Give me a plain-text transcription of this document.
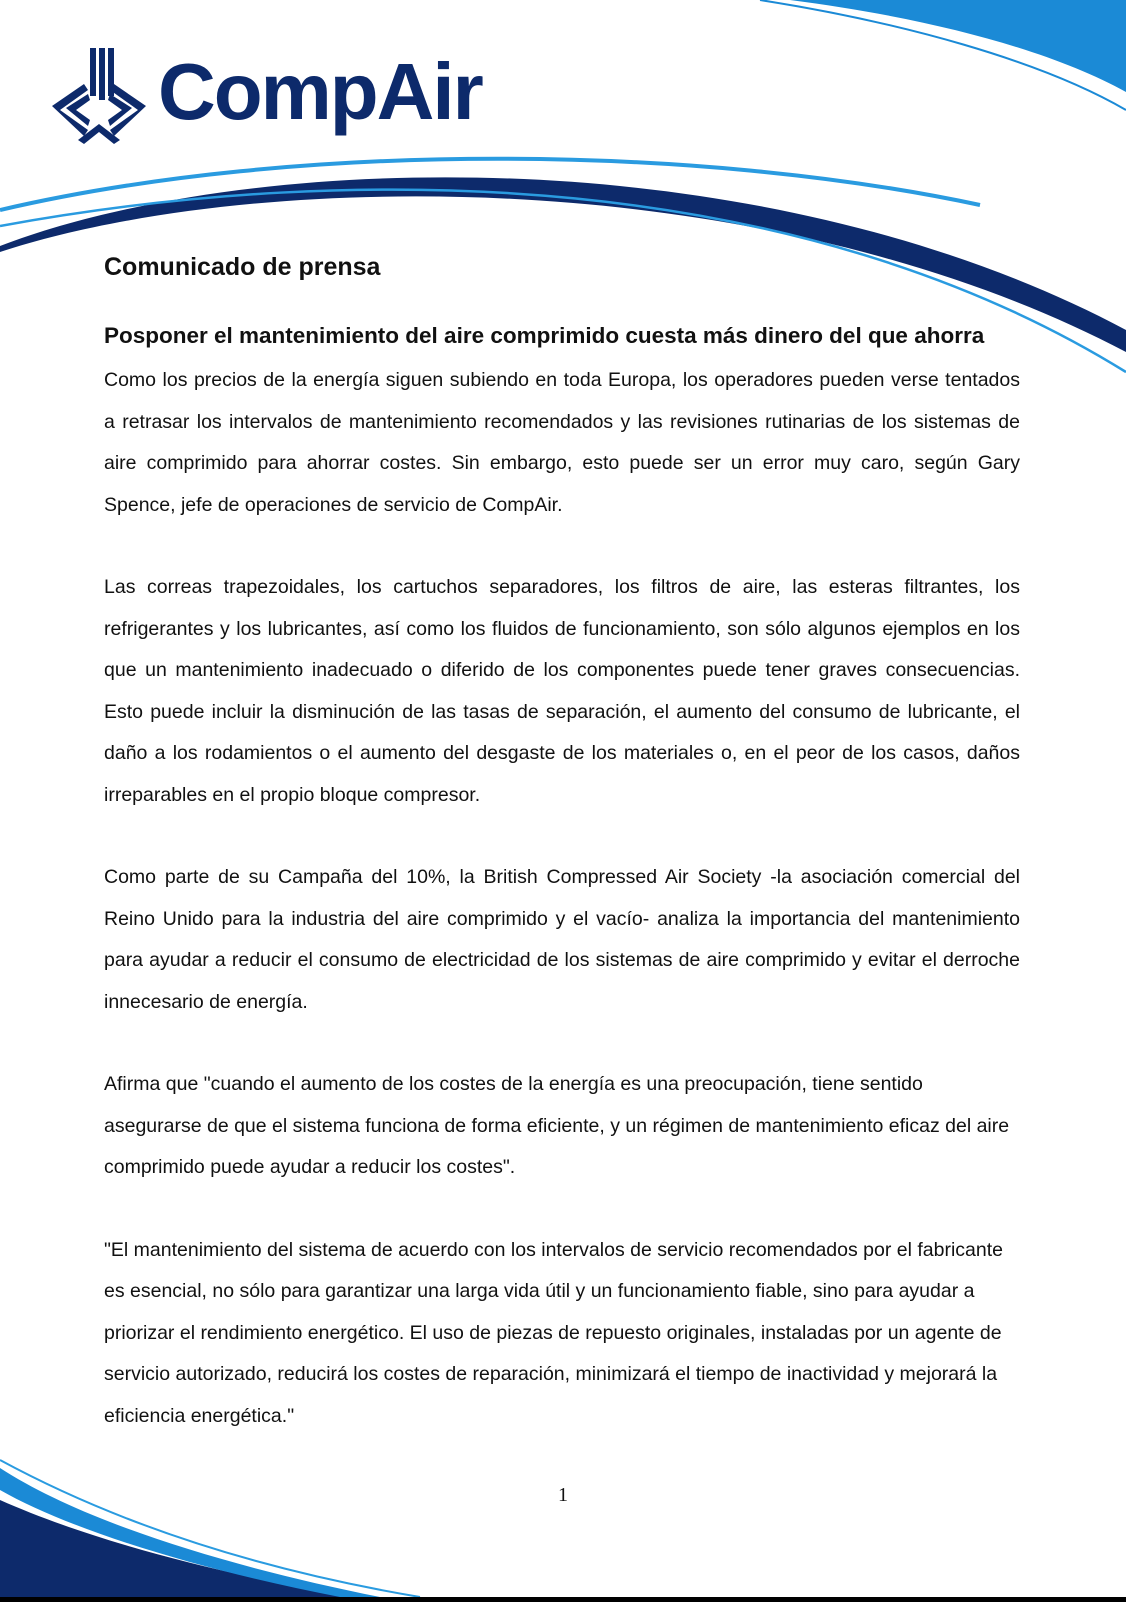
CompAir
Comunicado de prensa
Posponer el mantenimiento del aire comprimido cuesta más dinero del que ahorra

Como los precios de la energía siguen subiendo en toda Europa, los operadores pueden verse tentados a retrasar los intervalos de mantenimiento recomendados y las revisiones rutinarias de los sistemas de aire comprimido para ahorrar costes. Sin embargo, esto puede ser un error muy caro, según Gary Spence, jefe de operaciones de servicio de CompAir.

Las correas trapezoidales, los cartuchos separadores, los filtros de aire, las esteras filtrantes, los refrigerantes y los lubricantes, así como los fluidos de funcionamiento, son sólo algunos ejemplos en los que un mantenimiento inadecuado o diferido de los componentes puede tener graves consecuencias. Esto puede incluir la disminución de las tasas de separación, el aumento del consumo de lubricante, el daño a los rodamientos o el aumento del desgaste de los materiales o, en el peor de los casos, daños irreparables en el propio bloque compresor.

Como parte de su Campaña del 10%, la British Compressed Air Society -la asociación comercial del Reino Unido para la industria del aire comprimido y el vacío- analiza la importancia del mantenimiento para ayudar a reducir el consumo de electricidad de los sistemas de aire comprimido y evitar el derroche innecesario de energía.

Afirma que "cuando el aumento de los costes de la energía es una preocupación, tiene sentido asegurarse de que el sistema funciona de forma eficiente, y un régimen de mantenimiento eficaz del aire comprimido puede ayudar a reducir los costes".

"El mantenimiento del sistema de acuerdo con los intervalos de servicio recomendados por el fabricante es esencial, no sólo para garantizar una larga vida útil y un funcionamiento fiable, sino para ayudar a priorizar el rendimiento energético. El uso de piezas de repuesto originales, instaladas por un agente de servicio autorizado, reducirá los costes de reparación, minimizará el tiempo de inactividad y mejorará la eficiencia energética."

1
